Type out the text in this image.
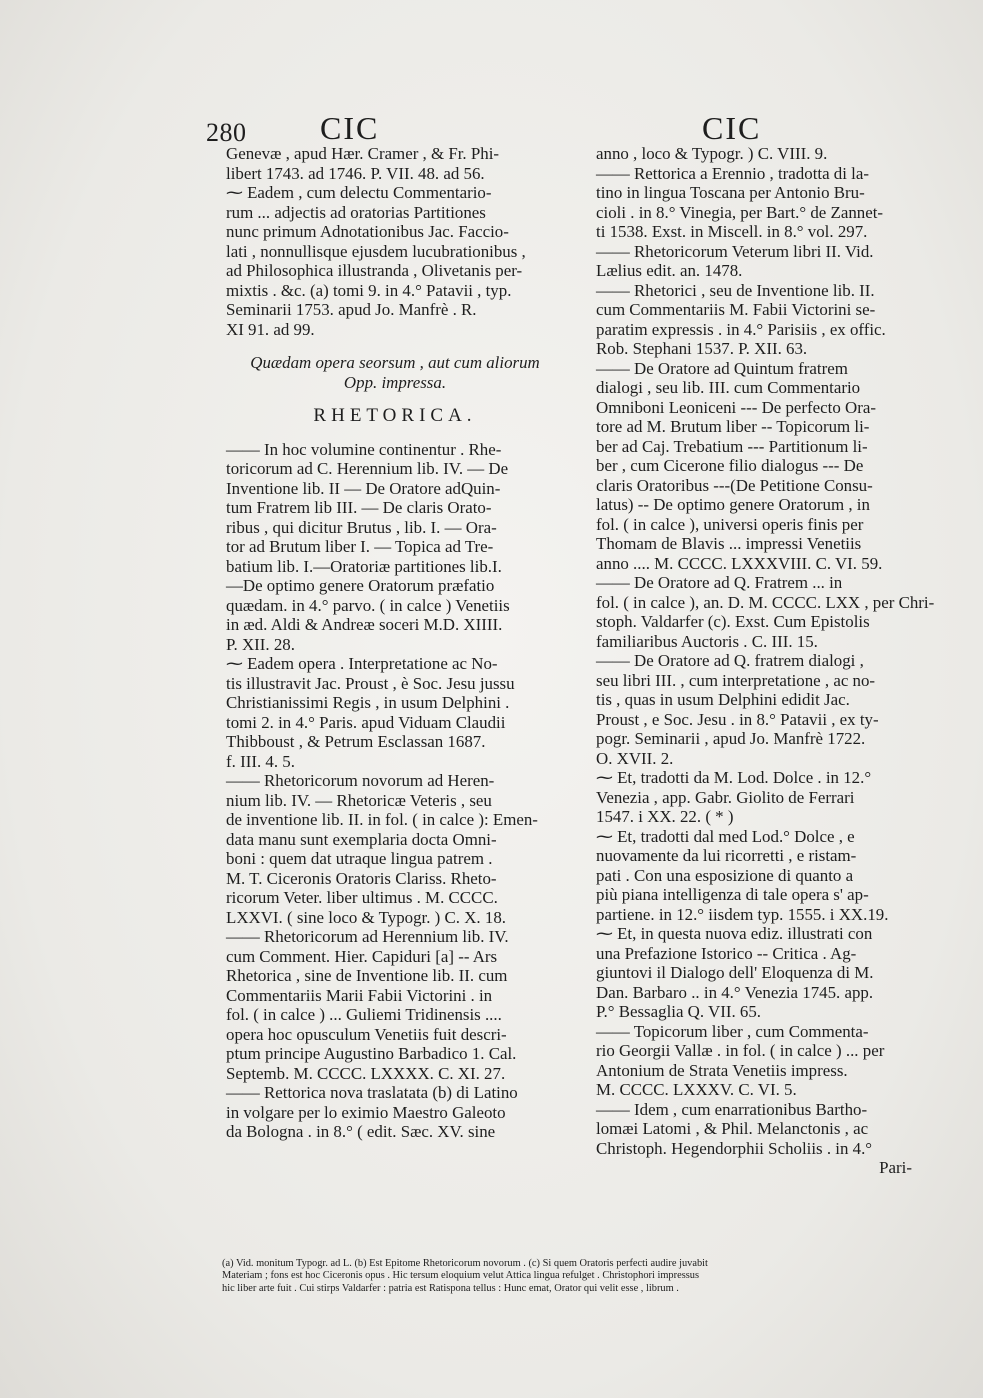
280 CIC	CIC
Genevæ , apud Hær. Cramer , & Fr. Phi-
libert 1743. ad 1746. P. VII. 48. ad 56.
⁓ Eadem , cum delectu Commentario-
rum ... adjectis ad oratorias Partitiones
nunc primum Adnotationibus Jac. Faccio-
lati , nonnullisque ejusdem lucubrationibus ,
ad Philosophica illustranda , Olivetanis per-
mixtis . &c. (a) tomi 9. in 4.° Patavii , typ.
Seminarii 1753. apud Jo. Manfrè . R.
XI 91. ad 99.
Quædam opera seorsum , aut cum aliorum
Opp. impressa.
RHETORICA.
—— In hoc volumine continentur . Rhe-
toricorum ad C. Herennium lib. IV. — De
Inventione lib. II — De Oratore adQuin-
tum Fratrem lib III. — De claris Orato-
ribus , qui dicitur Brutus , lib. I. — Ora-
tor ad Brutum liber I. — Topica ad Tre-
batium lib. I.—Oratoriæ partitiones lib.I.
—De optimo genere Oratorum præfatio
quædam. in 4.° parvo. ( in calce ) Venetiis
in æd. Aldi & Andreæ soceri M.D. XIIII.
P. XII. 28.
⁓ Eadem opera . Interpretatione ac No-
tis illustravit Jac. Proust , è Soc. Jesu jussu
Christianissimi Regis , in usum Delphini .
tomi 2. in 4.° Paris. apud Viduam Claudii
Thibboust , & Petrum Esclassan 1687.
f. III. 4. 5.
—— Rhetoricorum novorum ad Heren-
nium lib. IV. — Rhetoricæ Veteris , seu
de inventione lib. II. in fol. ( in calce ): Emen-
data manu sunt exemplaria docta Omni-
boni : quem dat utraque lingua patrem .
M. T. Ciceronis Oratoris Clariss. Rheto-
ricorum Veter. liber ultimus . M. CCCC.
LXXVI. ( sine loco & Typogr. ) C. X. 18.
—— Rhetoricorum ad Herennium lib. IV.
cum Comment. Hier. Capiduri [a] -- Ars
Rhetorica , sine de Inventione lib. II. cum
Commentariis Marii Fabii Victorini . in
fol. ( in calce ) ... Guliemi Tridinensis ....
opera hoc opusculum Venetiis fuit descri-
ptum principe Augustino Barbadico 1. Cal.
Septemb. M. CCCC. LXXXX. C. XI. 27.
—— Rettorica nova traslatata (b) di Latino
in volgare per lo eximio Maestro Galeoto
da Bologna . in 8.° ( edit. Sæc. XV. sine
anno , loco & Typogr. ) C. VIII. 9.
—— Rettorica a Erennio , tradotta di la-
tino in lingua Toscana per Antonio Bru-
cioli . in 8.° Vinegia, per Bart.° de Zannet-
ti 1538. Exst. in Miscell. in 8.° vol. 297.
—— Rhetoricorum Veterum libri II. Vid.
Lælius edit. an. 1478.
—— Rhetorici , seu de Inventione lib. II.
cum Commentariis M. Fabii Victorini se-
paratim expressis . in 4.° Parisiis , ex offic.
Rob. Stephani 1537. P. XII. 63.
—— De Oratore ad Quintum fratrem
dialogi , seu lib. III. cum Commentario
Omniboni Leoniceni --- De perfecto Ora-
tore ad M. Brutum liber -- Topicorum li-
ber ad Caj. Trebatium --- Partitionum li-
ber , cum Cicerone filio dialogus --- De
claris Oratoribus ---(De Petitione Consu-
latus) -- De optimo genere Oratorum , in
fol. ( in calce ), universi operis finis per
Thomam de Blavis ... impressi Venetiis
anno .... M. CCCC. LXXXVIII. C. VI. 59.
—— De Oratore ad Q. Fratrem ... in
fol. ( in calce ), an. D. M. CCCC. LXX , per Chri-
stoph. Valdarfer (c). Exst. Cum Epistolis
familiaribus Auctoris . C. III. 15.
—— De Oratore ad Q. fratrem dialogi ,
seu libri III. , cum interpretatione , ac no-
tis , quas in usum Delphini edidit Jac.
Proust , e Soc. Jesu . in 8.° Patavii , ex ty-
pogr. Seminarii , apud Jo. Manfrè 1722.
O. XVII. 2.
⁓ Et, tradotti da M. Lod. Dolce . in 12.°
Venezia , app. Gabr. Giolito de Ferrari
1547. i XX. 22. ( * )
⁓ Et, tradotti dal med Lod.° Dolce , e
nuovamente da lui ricorretti , e ristam-
pati . Con una esposizione di quanto a
più piana intelligenza di tale opera s' ap-
partiene. in 12.° iisdem typ. 1555. i XX.19.
⁓ Et, in questa nuova ediz. illustrati con
una Prefazione Istorico -- Critica . Ag-
giuntovi il Dialogo dell' Eloquenza di M.
Dan. Barbaro .. in 4.° Venezia 1745. app.
P.° Bessaglia Q. VII. 65.
—— Topicorum liber , cum Commenta-
rio Georgii Vallæ . in fol. ( in calce ) ... per
Antonium de Strata Venetiis impress.
M. CCCC. LXXXV. C. VI. 5.
—— Idem , cum enarrationibus Bartho-
lomæi Latomi , & Phil. Melanctonis , ac
Christoph. Hegendorphii Scholiis . in 4.°
Pari-
(a) Vid. monitum Typogr. ad L. (b) Est Epitome Rhetoricorum novorum . (c) Si quem Oratoris perfecti audire juvabit
Materiam ; fons est hoc Ciceronis opus . Hic tersum eloquium velut Attica lingua refulget . Christophori impressus
hic liber arte fuit . Cui stirps Valdarfer : patria est Ratispona tellus : Hunc emat, Orator qui velit esse , librum .
